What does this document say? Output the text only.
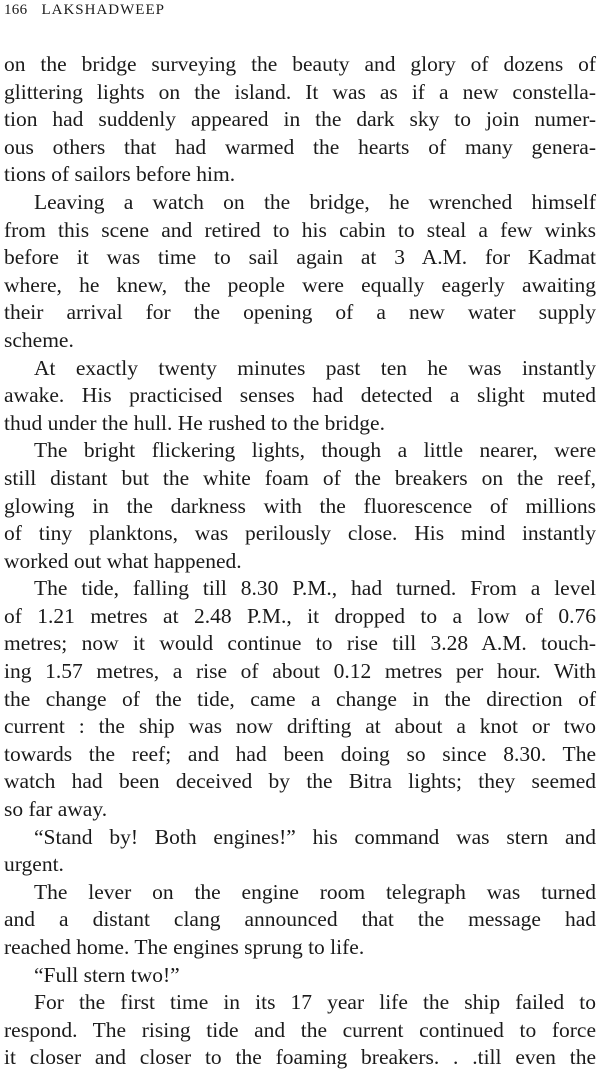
166 LAKSHADWEEP
on the bridge surveying the beauty and glory of dozens of
glittering lights on the island. It was as if a new constella-
tion had suddenly appeared in the dark sky to join numer-
ous others that had warmed the hearts of many genera-
tions of sailors before him.
Leaving a watch on the bridge, he wrenched himself
from this scene and retired to his cabin to steal a few winks
before it was time to sail again at 3 A.M. for Kadmat
where, he knew, the people were equally eagerly awaiting
their arrival for the opening of a new water supply
scheme.
At exactly twenty minutes past ten he was instantly
awake. His practicised senses had detected a slight muted
thud under the hull. He rushed to the bridge.
The bright flickering lights, though a little nearer, were
still distant but the white foam of the breakers on the reef,
glowing in the darkness with the fluorescence of millions
of tiny planktons, was perilously close. His mind instantly
worked out what happened.
The tide, falling till 8.30 P.M., had turned. From a level
of 1.21 metres at 2.48 P.M., it dropped to a low of 0.76
metres; now it would continue to rise till 3.28 A.M. touch-
ing 1.57 metres, a rise of about 0.12 metres per hour. With
the change of the tide, came a change in the direction of
current : the ship was now drifting at about a knot or two
towards the reef; and had been doing so since 8.30. The
watch had been deceived by the Bitra lights; they seemed
so far away.
“Stand by! Both engines!” his command was stern and
urgent.
The lever on the engine room telegraph was turned
and a distant clang announced that the message had
reached home. The engines sprung to life.
“Full stern two!”
For the first time in its 17 year life the ship failed to
respond. The rising tide and the current continued to force
it closer and closer to the foaming breakers. . .till even the
